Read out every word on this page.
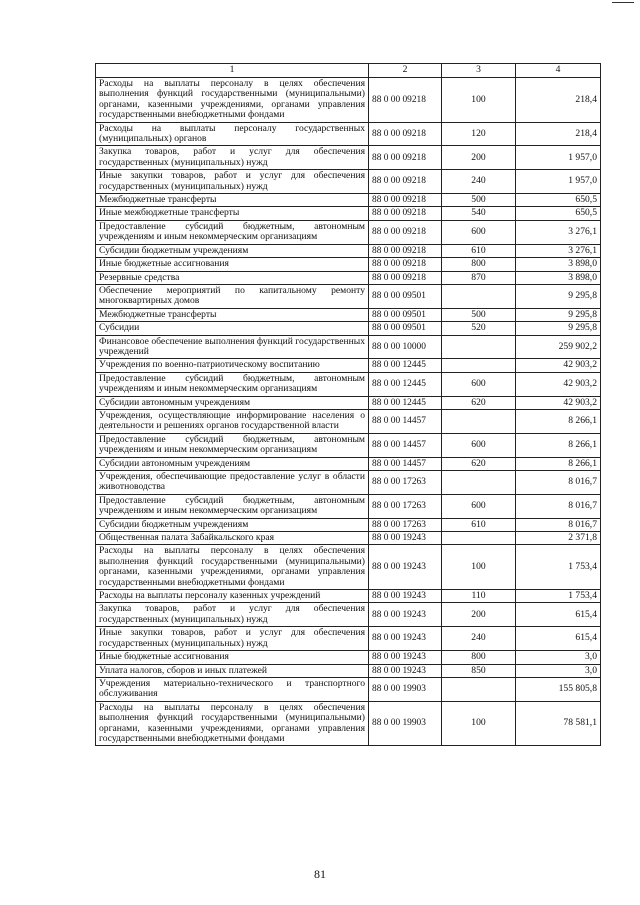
1	2	3	4
Расходы на выплаты персоналу в целях обеспечения выполнения функций государственными (муниципальными) органами, казенными учреждениями, органами управления государственными внебюджетными фондами	88 0 00 09218	100	218,4
Расходы на выплаты персоналу государственных (муниципальных) органов	88 0 00 09218	120	218,4
Закупка товаров, работ и услуг для обеспечения государственных (муниципальных) нужд	88 0 00 09218	200	1 957,0
Иные закупки товаров, работ и услуг для обеспечения государственных (муниципальных) нужд	88 0 00 09218	240	1 957,0
Межбюджетные трансферты	88 0 00 09218	500	650,5
Иные межбюджетные трансферты	88 0 00 09218	540	650,5
Предоставление субсидий бюджетным, автономным учреждениям и иным некоммерческим организациям	88 0 00 09218	600	3 276,1
Субсидии бюджетным учреждениям	88 0 00 09218	610	3 276,1
Иные бюджетные ассигнования	88 0 00 09218	800	3 898,0
Резервные средства	88 0 00 09218	870	3 898,0
Обеспечение мероприятий по капитальному ремонту многоквартирных домов	88 0 00 09501		9 295,8
Межбюджетные трансферты	88 0 00 09501	500	9 295,8
Субсидии	88 0 00 09501	520	9 295,8
Финансовое обеспечение выполнения функций государственных учреждений	88 0 00 10000		259 902,2
Учреждения по военно-патриотическому воспитанию	88 0 00 12445		42 903,2
Предоставление субсидий бюджетным, автономным учреждениям и иным некоммерческим организациям	88 0 00 12445	600	42 903,2
Субсидии автономным учреждениям	88 0 00 12445	620	42 903,2
Учреждения, осуществляющие информирование населения о деятельности и решениях органов государственной власти	88 0 00 14457		8 266,1
Предоставление субсидий бюджетным, автономным учреждениям и иным некоммерческим организациям	88 0 00 14457	600	8 266,1
Субсидии автономным учреждениям	88 0 00 14457	620	8 266,1
Учреждения, обеспечивающие предоставление услуг в области животноводства	88 0 00 17263		8 016,7
Предоставление субсидий бюджетным, автономным учреждениям и иным некоммерческим организациям	88 0 00 17263	600	8 016,7
Субсидии бюджетным учреждениям	88 0 00 17263	610	8 016,7
Общественная палата Забайкальского края	88 0 00 19243		2 371,8
Расходы на выплаты персоналу в целях обеспечения выполнения функций государственными (муниципальными) органами, казенными учреждениями, органами управления государственными внебюджетными фондами	88 0 00 19243	100	1 753,4
Расходы на выплаты персоналу казенных учреждений	88 0 00 19243	110	1 753,4
Закупка товаров, работ и услуг для обеспечения государственных (муниципальных) нужд	88 0 00 19243	200	615,4
Иные закупки товаров, работ и услуг для обеспечения государственных (муниципальных) нужд	88 0 00 19243	240	615,4
Иные бюджетные ассигнования	88 0 00 19243	800	3,0
Уплата налогов, сборов и иных платежей	88 0 00 19243	850	3,0
Учреждения материально-технического и транспортного обслуживания	88 0 00 19903		155 805,8
Расходы на выплаты персоналу в целях обеспечения выполнения функций государственными (муниципальными) органами, казенными учреждениями, органами управления государственными внебюджетными фондами	88 0 00 19903	100	78 581,1
81
